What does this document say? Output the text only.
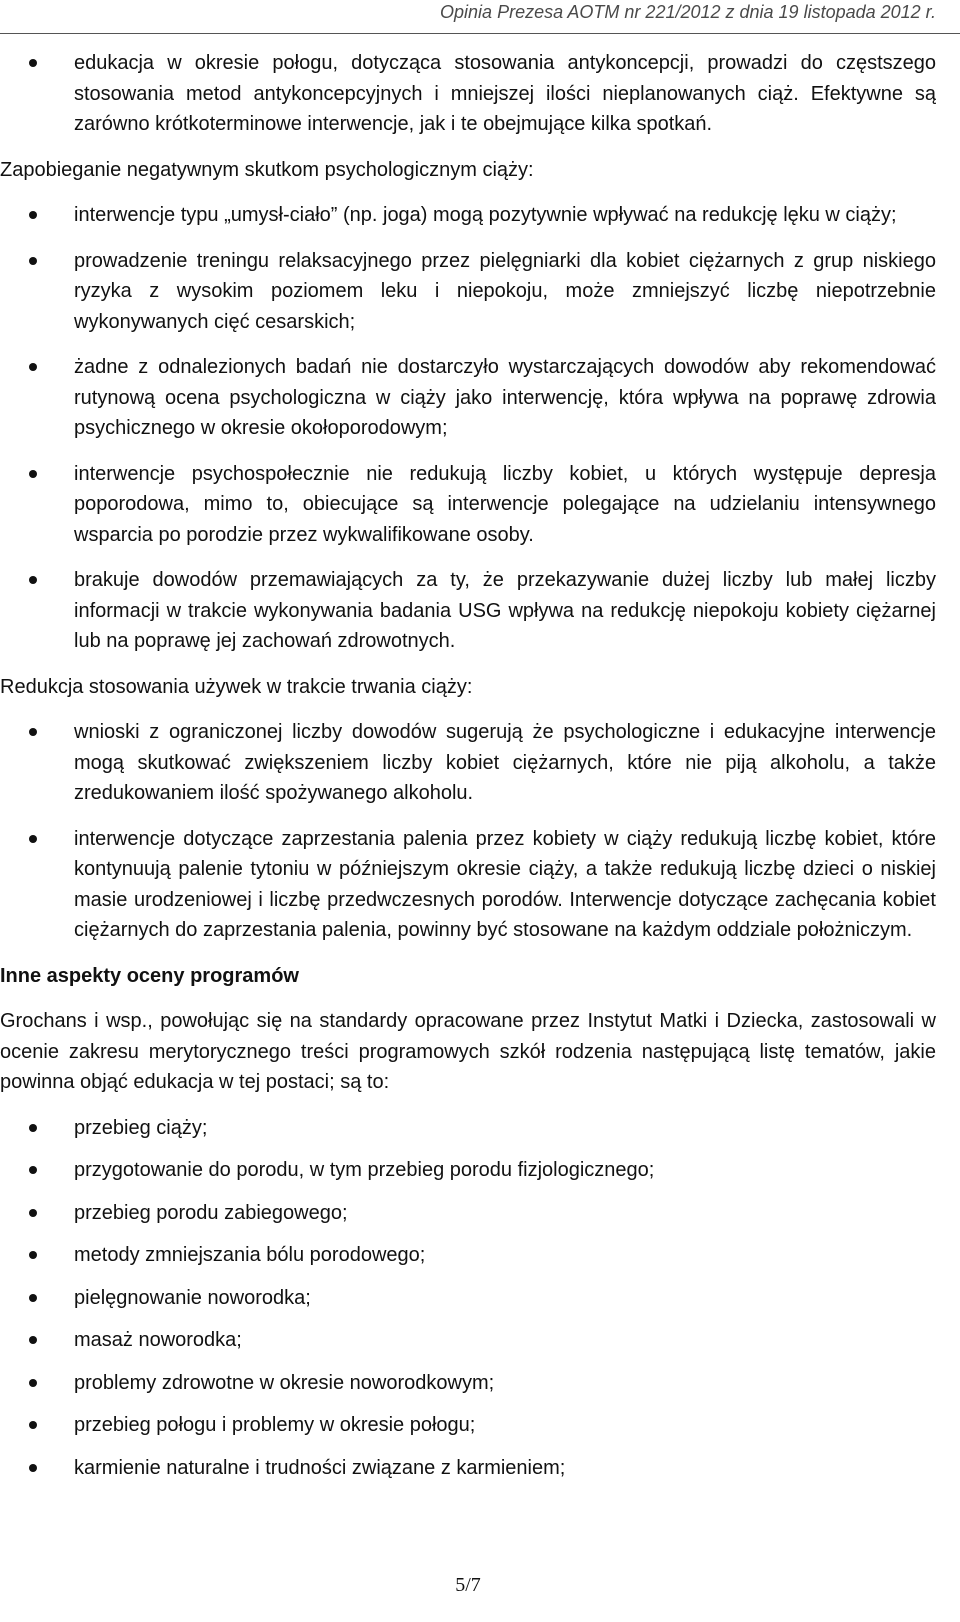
Opinia Prezesa AOTM nr 221/2012 z dnia 19 listopada 2012 r.
edukacja w okresie połogu, dotycząca stosowania antykoncepcji, prowadzi do częstszego stosowania metod antykoncepcyjnych i mniejszej ilości nieplanowanych ciąż. Efektywne są zarówno krótkoterminowe interwencje, jak i te obejmujące kilka spotkań.

Zapobieganie negatywnym skutkom psychologicznym ciąży:

interwencje typu „umysł-ciało” (np. joga) mogą pozytywnie wpływać na redukcję lęku w ciąży;
prowadzenie treningu relaksacyjnego przez pielęgniarki dla kobiet ciężarnych z grup niskiego ryzyka z wysokim poziomem leku i niepokoju, może zmniejszyć liczbę niepotrzebnie wykonywanych cięć cesarskich;
żadne z odnalezionych badań nie dostarczyło wystarczających dowodów aby rekomendować rutynową ocena psychologiczna w ciąży jako interwencję, która wpływa na poprawę zdrowia psychicznego w okresie okołoporodowym;
interwencje psychospołecznie nie redukują liczby kobiet, u których występuje depresja poporodowa, mimo to, obiecujące są interwencje polegające na udzielaniu intensywnego wsparcia po porodzie przez wykwalifikowane osoby.
brakuje dowodów przemawiających za ty, że przekazywanie dużej liczby lub małej liczby informacji w trakcie wykonywania badania USG wpływa na redukcję niepokoju kobiety ciężarnej lub na poprawę jej zachowań zdrowotnych.

Redukcja stosowania używek w trakcie trwania ciąży:

wnioski z ograniczonej liczby dowodów sugerują że psychologiczne i edukacyjne interwencje mogą skutkować zwiększeniem liczby kobiet ciężarnych, które nie piją alkoholu, a także zredukowaniem ilość spożywanego alkoholu.
interwencje dotyczące zaprzestania palenia przez kobiety w ciąży redukują liczbę kobiet, które kontynuują palenie tytoniu w późniejszym okresie ciąży, a także redukują liczbę dzieci o niskiej masie urodzeniowej i liczbę przedwczesnych porodów. Interwencje dotyczące zachęcania kobiet ciężarnych do zaprzestania palenia, powinny być stosowane na każdym oddziale położniczym.

Inne aspekty oceny programów

Grochans i wsp., powołując się na standardy opracowane przez Instytut Matki i Dziecka, zastosowali w ocenie zakresu merytorycznego treści programowych szkół rodzenia następującą listę tematów, jakie powinna objąć edukacja w tej postaci; są to:

przebieg ciąży;
przygotowanie do porodu, w tym przebieg porodu fizjologicznego;
przebieg porodu zabiegowego;
metody zmniejszania bólu porodowego;
pielęgnowanie noworodka;
masaż noworodka;
problemy zdrowotne w okresie noworodkowym;
przebieg połogu i problemy w okresie połogu;
karmienie naturalne i trudności związane z karmieniem;
5/7
